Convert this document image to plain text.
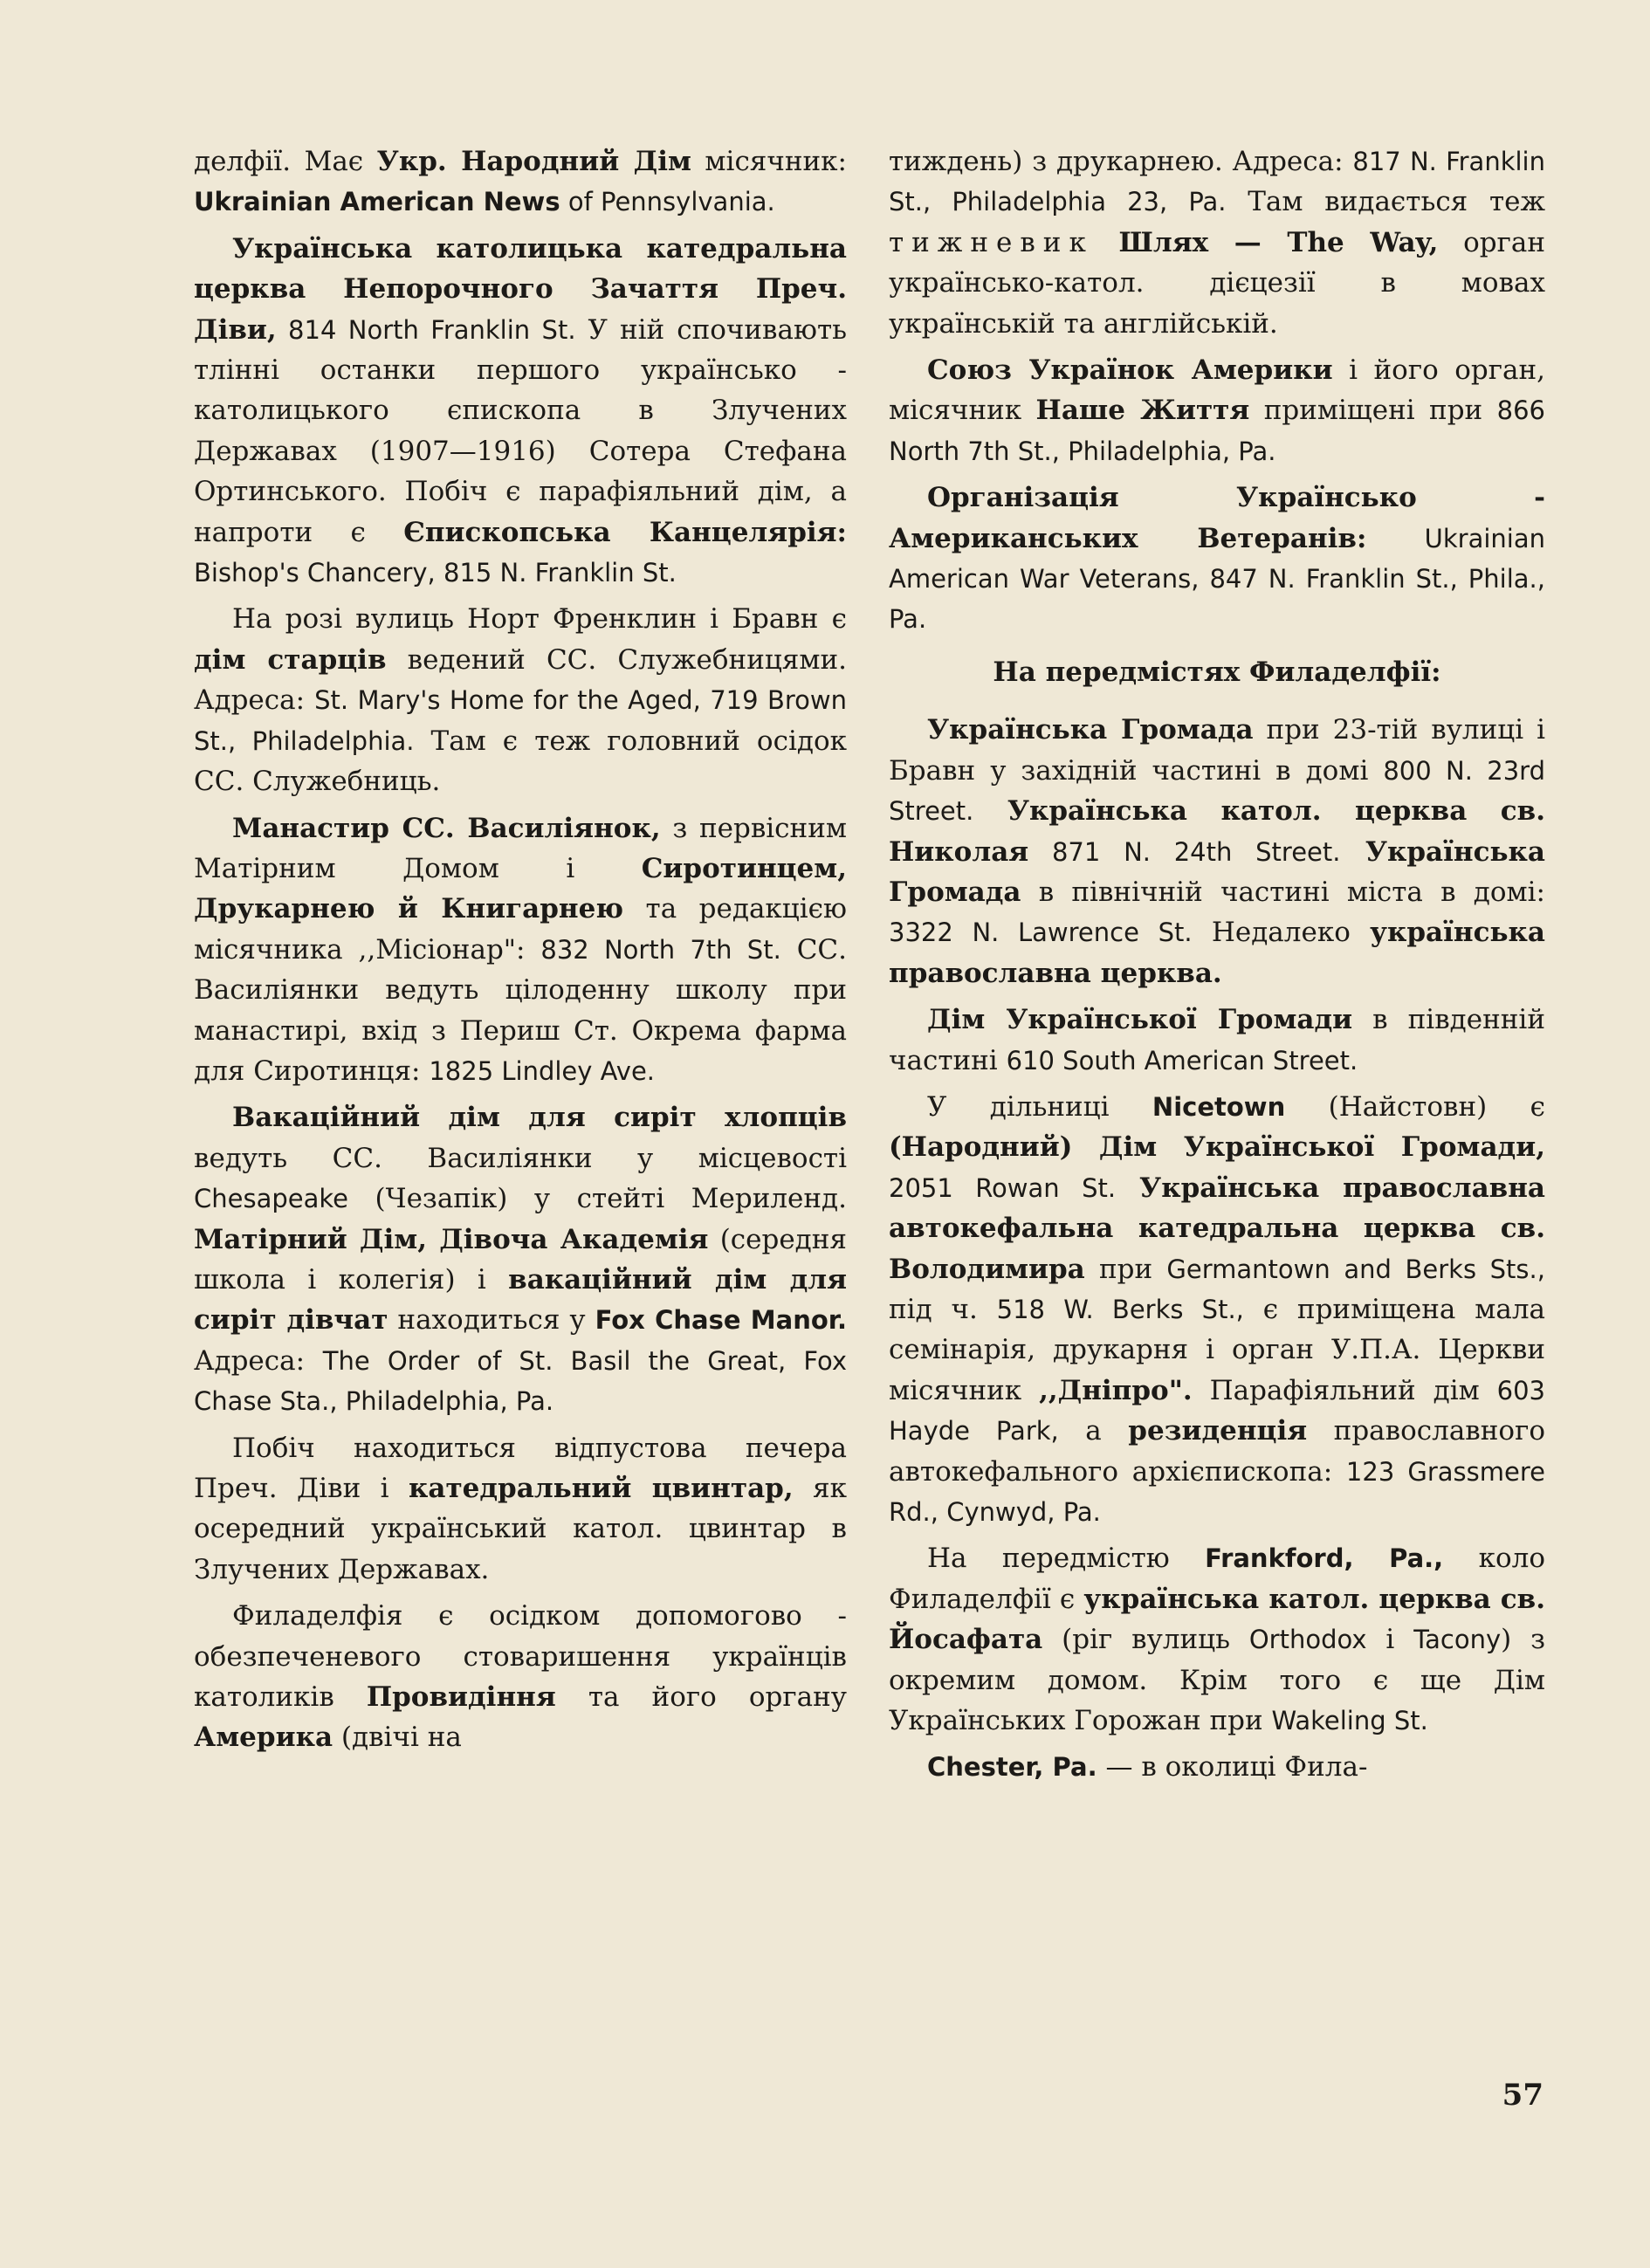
делфії. Має Укр. Народний Дім місячник: Ukrainian American News of Pennsylvania.

Українська католицька катедральна церква Непорочного Зачаття Преч. Діви, 814 North Franklin St. У ній спочивають тлінні останки першого українсько - католицького єпископа в Злучених Державах (1907—1916) Сотера Стефана Ортинського. Побіч є парафіяльний дім, а напроти є Єпископська Канцелярія: Bishop's Chancery, 815 N. Franklin St.

На розі вулиць Норт Френклин і Бравн є дім старців ведений СС. Служебницями. Адреса: St. Mary's Home for the Aged, 719 Brown St., Philadelphia. Там є теж головний осідок СС. Служебниць.

Манастир СС. Василіянок, з первісним Матірним Домом і Сиротинцем, Друкарнею й Книгарнею та редакцією місячника ,,Місіонар": 832 North 7th St. СС. Василіянки ведуть цілоденну школу при манастирі, вхід з Периш Ст. Окрема фарма для Сиротинця: 1825 Lindley Ave.

Вакаційний дім для сиріт хлопців ведуть СС. Василіянки у місцевості Chesapeake (Чезапік) у стейті Мериленд. Матірний Дім, Дівоча Академія (середня школа і колегія) і вакаційний дім для сиріт дівчат находиться у Fox Chase Manor. Адреса: The Order of St. Basil the Great, Fox Chase Sta., Philadelphia, Pa.

Побіч находиться відпустова печера Преч. Діви і катедральний цвинтар, як осередний український катол. цвинтар в Злучених Державах.

Филаделфія є осідком допомогово - обезпеченевого стоваришення українців католиків Провидіння та його органу Америка (двічі на

тиждень) з друкарнею. Адреса: 817 N. Franklin St., Philadelphia 23, Pa. Там видається теж тижневик Шлях — The Way, орган українсько-катол. дієцезії в мовах українській та англійській.

Союз Українок Америки і його орган, місячник Наше Життя приміщені при 866 North 7th St., Philadelphia, Pa.

Організація Українсько - Американських Ветеранів: Ukrainian American War Veterans, 847 N. Franklin St., Phila., Pa.

На передмістях Филаделфії:

Українська Громада при 23-тій вулиці і Бравн у західній частині в домі 800 N. 23rd Street. Українська катол. церква св. Николая 871 N. 24th Street. Українська Громада в північній частині міста в домі: 3322 N. Lawrence St. Недалеко українська православна церква.

Дім Української Громади в південній частині 610 South American Street.

У дільниці Nicetown (Найстовн) є (Народний) Дім Української Громади, 2051 Rowan St. Українська православна автокефальна катедральна церква св. Володимира при Germantown and Berks Sts., під ч. 518 W. Berks St., є приміщена мала семінарія, друкарня і орган У.П.А. Церкви місячник ,,Дніпро". Парафіяльний дім 603 Hayde Park, а резиденція православного автокефального архієпископа: 123 Grassmere Rd., Cynwyd, Pa.

На передмістю Frankford, Pa., коло Филаделфії є українська катол. церква св. Йосафата (ріг вулиць Orthodox і Tacony) з окремим домом. Крім того є ще Дім Українських Горожан при Wakeling St.

Chester, Pa. — в околиці Фила-

57
